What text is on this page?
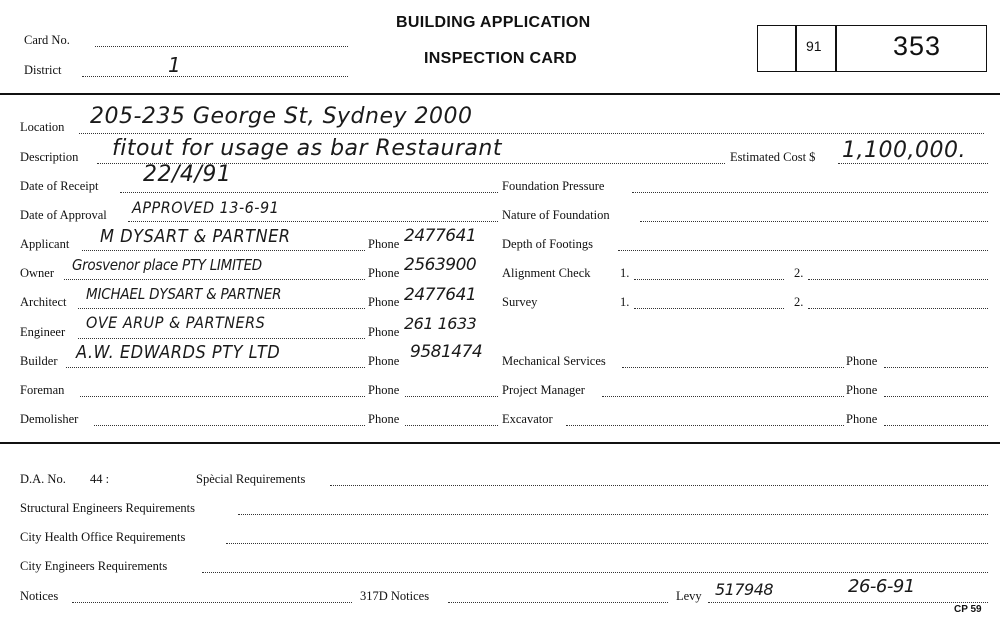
Card No.
District	1
BUILDING APPLICATION
INSPECTION CARD
91	353
Location 205-235 George St, Sydney 2000
Description fitout for usage as bar Restaurant	Estimated Cost $ 1,100,000.
Date of Receipt 22/4/91
Date of Approval APPROVED 13-6-91
Applicant M DYSART & PARTNER	Phone 2477641
Owner Grosvenor place PTY LIMITED	Phone 2563900
Architect MICHAEL DYSART & PARTNER	Phone 2477641
Engineer OVE ARUP & PARTNERS	Phone 261 1633
Builder A.W. EDWARDS PTY LTD	Phone 9581474
Foreman	Phone
Demolisher	Phone
Foundation Pressure
Nature of Foundation
Depth of Footings
Alignment Check 1.	2.
Survey	1.	2.
Mechanical Services	Phone
Project Manager	Phone
Excavator	Phone
D.A. No. 44 :	Spècial Requirements
Structural Engineers Requirements
City Health Office Requirements
City Engineers Requirements
Notices	317D Notices	Levy 517948	26-6-91
CP 59
